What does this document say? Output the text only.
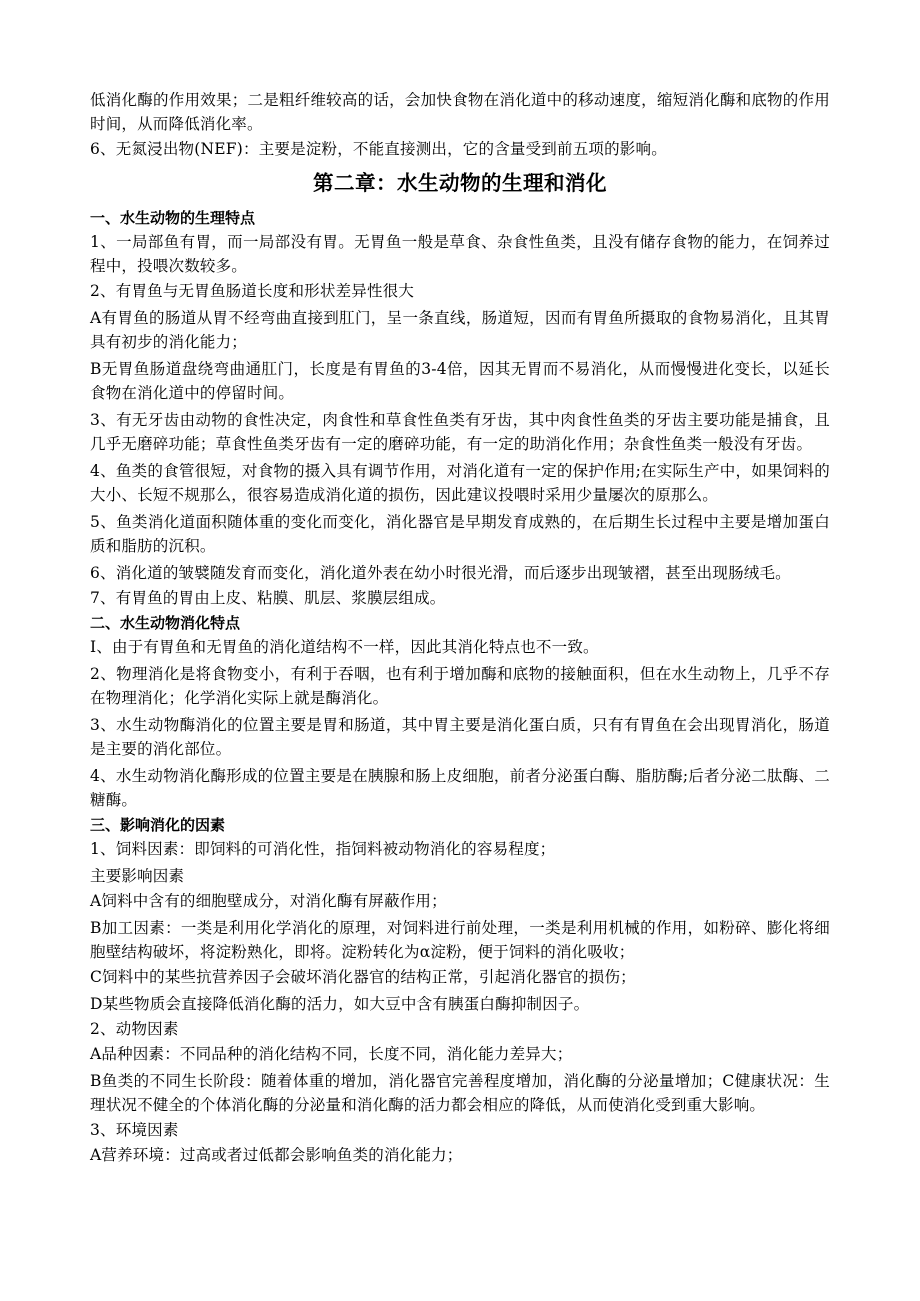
低消化酶的作用效果；二是粗纤维较高的话，会加快食物在消化道中的移动速度，缩短消化酶和底物的作用时间，从而降低消化率。

6、无氮浸出物(NEF)：主要是淀粉，不能直接测出，它的含量受到前五项的影响。

第二章：水生动物的生理和消化
一、水生动物的生理特点

1、一局部鱼有胃，而一局部没有胃。无胃鱼一般是草食、杂食性鱼类，且没有储存食物的能力，在饲养过程中，投喂次数较多。

2、有胃鱼与无胃鱼肠道长度和形状差异性很大

A有胃鱼的肠道从胃不经弯曲直接到肛门，呈一条直线，肠道短，因而有胃鱼所摄取的食物易消化，且其胃具有初步的消化能力；

B无胃鱼肠道盘绕弯曲通肛门，长度是有胃鱼的3-4倍，因其无胃而不易消化，从而慢慢进化变长，以延长食物在消化道中的停留时间。

3、有无牙齿由动物的食性决定，肉食性和草食性鱼类有牙齿，其中肉食性鱼类的牙齿主要功能是捕食，且几乎无磨碎功能；草食性鱼类牙齿有一定的磨碎功能，有一定的助消化作用；杂食性鱼类一般没有牙齿。

4、鱼类的食管很短，对食物的摄入具有调节作用，对消化道有一定的保护作用;在实际生产中，如果饲料的大小、长短不规那么，很容易造成消化道的损伤，因此建议投喂时采用少量屡次的原那么。

5、鱼类消化道面积随体重的变化而变化，消化器官是早期发育成熟的，在后期生长过程中主要是增加蛋白质和脂肪的沉积。

6、消化道的皱襞随发育而变化，消化道外表在幼小时很光滑，而后逐步出现皱褶，甚至出现肠绒毛。

7、有胃鱼的胃由上皮、粘膜、肌层、浆膜层组成。

二、水生动物消化特点

I、由于有胃鱼和无胃鱼的消化道结构不一样，因此其消化特点也不一致。

2、物理消化是将食物变小，有利于吞咽，也有利于增加酶和底物的接触面积，但在水生动物上，几乎不存在物理消化；化学消化实际上就是酶消化。

3、水生动物酶消化的位置主要是胃和肠道，其中胃主要是消化蛋白质，只有有胃鱼在会出现胃消化，肠道是主要的消化部位。

4、水生动物消化酶形成的位置主要是在胰腺和肠上皮细胞，前者分泌蛋白酶、脂肪酶;后者分泌二肽酶、二糖酶。

三、影响消化的因素

1、饲料因素：即饲料的可消化性，指饲料被动物消化的容易程度；

主要影响因素

A饲料中含有的细胞壁成分，对消化酶有屏蔽作用；

B加工因素：一类是利用化学消化的原理，对饲料进行前处理，一类是利用机械的作用，如粉碎、膨化将细胞壁结构破坏，将淀粉熟化，即将。淀粉转化为α淀粉，便于饲料的消化吸收；

C饲料中的某些抗营养因子会破坏消化器官的结构正常，引起消化器官的损伤；

D某些物质会直接降低消化酶的活力，如大豆中含有胰蛋白酶抑制因子。

2、动物因素

A品种因素：不同品种的消化结构不同，长度不同，消化能力差异大；

B鱼类的不同生长阶段：随着体重的增加，消化器官完善程度增加，消化酶的分泌量增加；C健康状况：生理状况不健全的个体消化酶的分泌量和消化酶的活力都会相应的降低，从而使消化受到重大影响。

3、环境因素

A营养环境：过高或者过低都会影响鱼类的消化能力；
